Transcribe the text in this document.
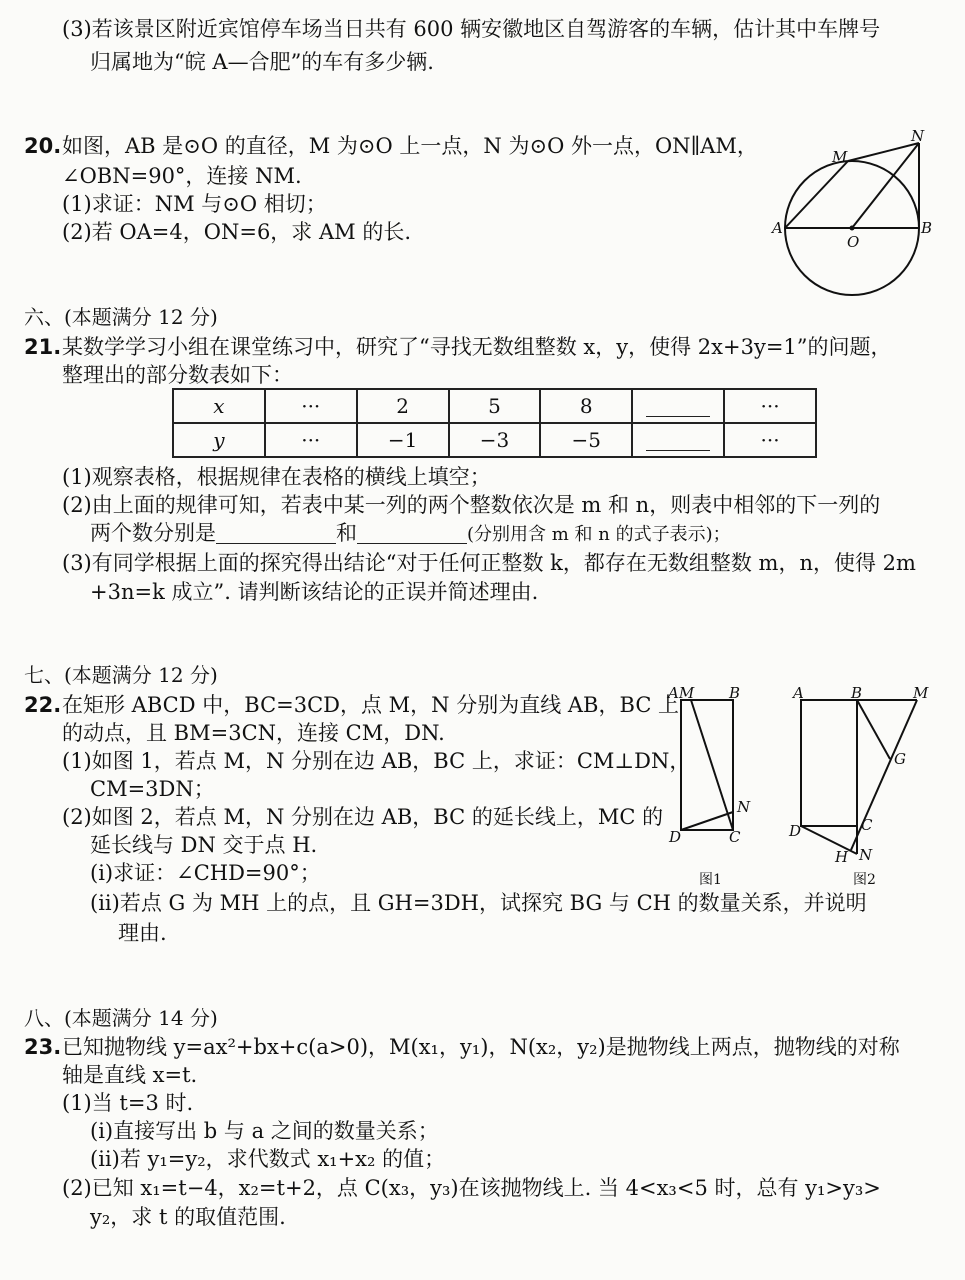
(3)若该景区附近宾馆停车场当日共有 600 辆安徽地区自驾游客的车辆，估计其中车牌号
归属地为“皖 A—合肥”的车有多少辆.
20. 如图，AB 是⊙O 的直径，M 为⊙O 上一点，N 为⊙O 外一点，ON∥AM，
∠OBN=90°，连接 NM.
(1)求证：NM 与⊙O 相切；
(2)若 OA=4，ON=6，求 AM 的长.	A	B
O
M
N
六、(本题满分 12 分)
21. 某数学学习小组在课堂练习中，研究了“寻找无数组整数 x，y，使得 2x+3y=1”的问题，
整理出的部分数表如下：
x	···	2	5	8		···
y	···	−1	−3	−5		···
(1)观察表格，根据规律在表格的横线上填空；
(2)由上面的规律可知，若表中某一列的两个整数依次是 m 和 n，则表中相邻的下一列的
两个数分别是	和	(分别用含 m 和 n 的式子表示)；
(3)有同学根据上面的探究得出结论“对于任何正整数 k，都存在无数组整数 m，n，使得 2m
+3n=k 成立”. 请判断该结论的正误并简述理由.
七、(本题满分 12 分)
22. 在矩形 ABCD 中，BC=3CD，点 M，N 分别为直线 AB，BC 上
的动点，且 BM=3CN，连接 CM，DN.
(1)如图 1，若点 M，N 分别在边 AB，BC 上，求证：CM⊥DN，
CM=3DN；
(2)如图 2，若点 M，N 分别在边 AB，BC 的延长线上，MC 的
延长线与 DN 交于点 H.
(i)求证：∠CHD=90°；
(ii)若点 G 为 MH 上的点，且 GH=3DH，试探究 BG 与 CH 的数量关系，并说明
理由.
AM B
N
D	C
图1
A	B	M
G
C
D
H N
图2
八、(本题满分 14 分)
23. 已知抛物线 y=ax²+bx+c(a>0)，M(x₁，y₁)，N(x₂，y₂)是抛物线上两点，抛物线的对称
轴是直线 x=t.
(1)当 t=3 时.
(ⅰ)直接写出 b 与 a 之间的数量关系；
(ⅱ)若 y₁=y₂，求代数式 x₁+x₂ 的值；
(2)已知 x₁=t−4，x₂=t+2，点 C(x₃，y₃)在该抛物线上. 当 4<x₃<5 时，总有 y₁>y₃>
y₂，求 t 的取值范围.
